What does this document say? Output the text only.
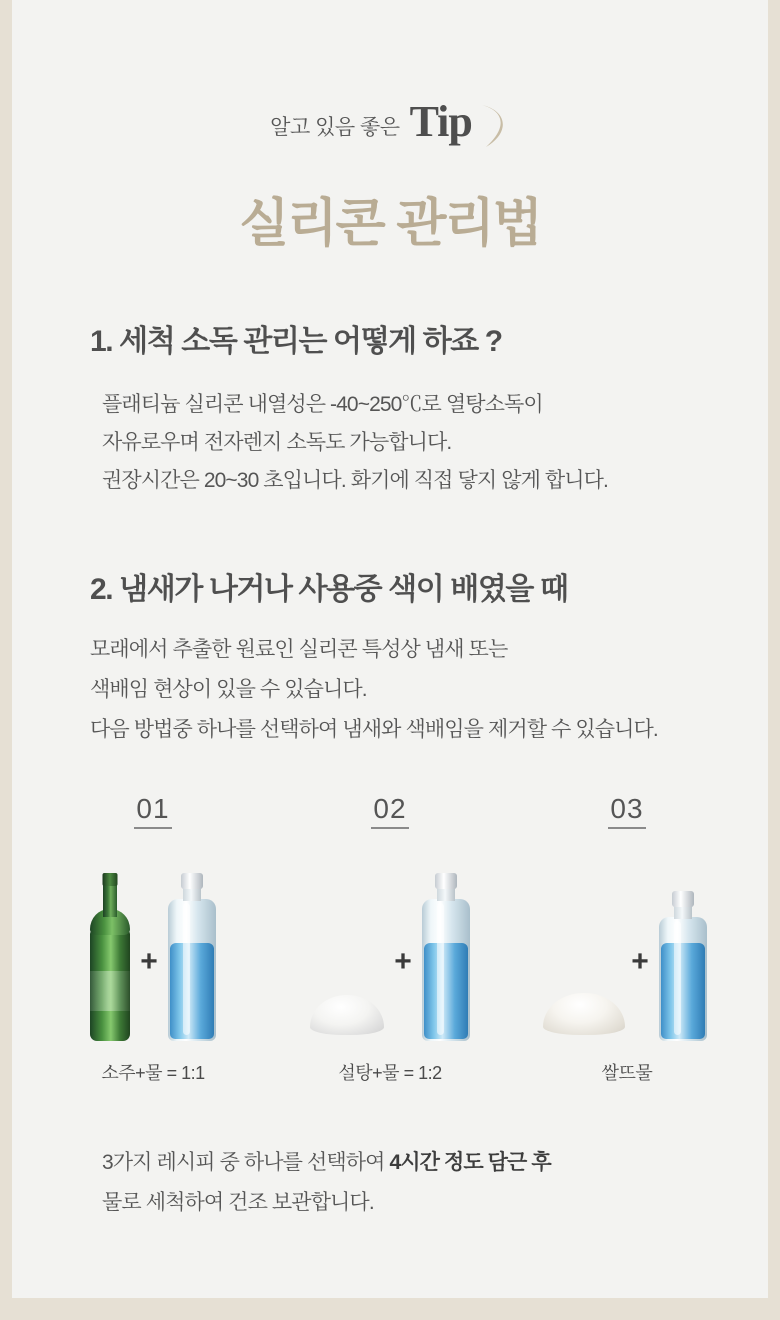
알고 있음 좋은 Tip
실리콘 관리법
1. 세척 소독 관리는 어떻게 하죠 ?
플래티늄 실리콘 내열성은 -40~250℃로 열탕소독이
자유로우며 전자렌지 소독도 가능합니다.
권장시간은 20~30 초입니다. 화기에 직접 닿지 않게 합니다.
2. 냄새가 나거나 사용중 색이 배였을 때
모래에서 추출한 원료인 실리콘 특성상 냄새 또는
색배임 현상이 있을 수 있습니다.
다음 방법중 하나를 선택하여 냄새와 색배임을 제거할 수 있습니다.
01
+
소주+물 = 1:1
02
+
설탕+물 = 1:2
03
+
쌀뜨물
3가지 레시피 중 하나를 선택하여 4시간 정도 담근 후
물로 세척하여 건조 보관합니다.
